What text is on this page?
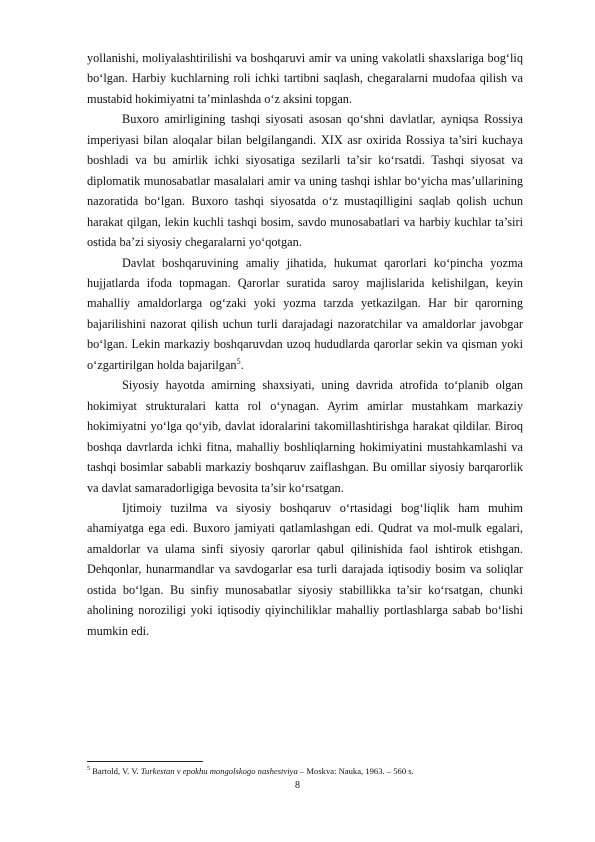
yollanishi, moliyalashtirilishi va boshqaruvi amir va uning vakolatli shaxslariga bog‘liq bo‘lgan. Harbiy kuchlarning roli ichki tartibni saqlash, chegaralarni mudofaa qilish va mustabid hokimiyatni ta’minlashda o‘z aksini topgan.

Buxoro amirligining tashqi siyosati asosan qo‘shni davlatlar, ayniqsa Rossiya imperiyasi bilan aloqalar bilan belgilangandi. XIX asr oxirida Rossiya ta’siri kuchaya boshladi va bu amirlik ichki siyosatiga sezilarli ta’sir ko‘rsatdi. Tashqi siyosat va diplomatik munosabatlar masalalari amir va uning tashqi ishlar bo‘yicha mas’ullarining nazoratida bo‘lgan. Buxoro tashqi siyosatda o‘z mustaqilligini saqlab qolish uchun harakat qilgan, lekin kuchli tashqi bosim, savdo munosabatlari va harbiy kuchlar ta’siri ostida ba’zi siyosiy chegaralarni yo‘qotgan.

Davlat boshqaruvining amaliy jihatida, hukumat qarorlari ko‘pincha yozma hujjatlarda ifoda topmagan. Qarorlar suratida saroy majlislarida kelishilgan, keyin mahalliy amaldorlarga og‘zaki yoki yozma tarzda yetkazilgan. Har bir qarorning bajarilishini nazorat qilish uchun turli darajadagi nazoratchilar va amaldorlar javobgar bo‘lgan. Lekin markaziy boshqaruvdan uzoq hududlarda qarorlar sekin va qisman yoki o‘zgartirilgan holda bajarilgan$^5$.

Siyosiy hayotda amirning shaxsiyati, uning davrida atrofida to‘planib olgan hokimiyat strukturalari katta rol o‘ynagan. Ayrim amirlar mustahkam markaziy hokimiyatni yo‘lga qo‘yib, davlat idoralarini takomillashtirishga harakat qildilar. Biroq boshqa davrlarda ichki fitna, mahalliy boshliqlarning hokimiyatini mustahkamlashi va tashqi bosimlar sababli markaziy boshqaruv zaiflashgan. Bu omillar siyosiy barqarorlik va davlat samaradorligiga bevosita ta’sir ko‘rsatgan.

Ijtimoiy tuzilma va siyosiy boshqaruv o‘rtasidagi bog‘liqlik ham muhim ahamiyatga ega edi. Buxoro jamiyati qatlamlashgan edi. Qudrat va mol-mulk egalari, amaldorlar va ulama sinfi siyosiy qarorlar qabul qilinishida faol ishtirok etishgan. Dehqonlar, hunarmandlar va savdogarlar esa turli darajada iqtisodiy bosim va soliqlar ostida bo‘lgan. Bu sinfiy munosabatlar siyosiy stabillikka ta’sir ko‘rsatgan, chunki aholining noroziligi yoki iqtisodiy qiyinchiliklar mahalliy portlashlarga sabab bo‘lishi mumkin edi.

$^5$ Bartold, V. V. Turkestan v epokhu mongolskogo nashestviya – Moskva: Nauka, 1963. – 560 s.
8
